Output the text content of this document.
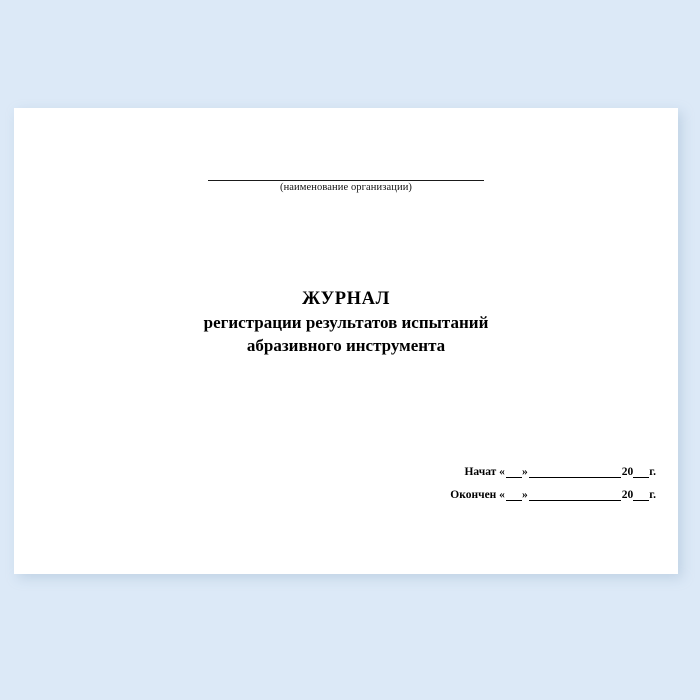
(наименование организации)
ЖУРНАЛ
регистрации результатов испытаний
абразивного инструмента
Начат « »	20 г.
Окончен « »	20 г.
